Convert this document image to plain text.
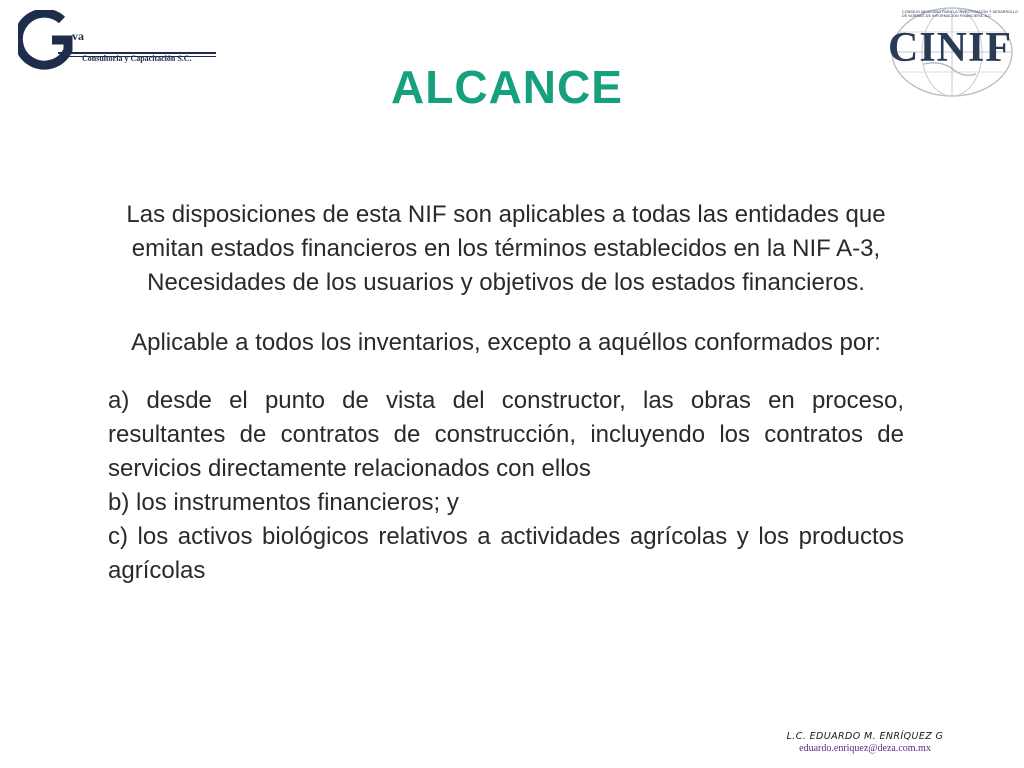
va
Consultoría y Capacitación S.C.
CONSEJO MEXICANO PARA LA INVESTIGACIÓN Y DESARROLLO DE NORMAS DE INFORMACIÓN FINANCIERA, A.C.
CINIF
ALCANCE

Las disposiciones de esta NIF son aplicables a todas las entidades que emitan estados financieros en los términos establecidos en la NIF A-3, Necesidades de los usuarios y objetivos de los estados financieros.

Aplicable a todos los inventarios, excepto a aquéllos conformados por:

a) desde el punto de vista del constructor, las obras en proceso, resultantes de contratos de construcción, incluyendo los contratos de servicios directamente relacionados con ellos
b) los instrumentos financieros; y
c) los activos biológicos relativos a actividades agrícolas y los productos agrícolas
L.C. EDUARDO M. ENRÍQUEZ G
eduardo.enriquez@deza.com.mx
